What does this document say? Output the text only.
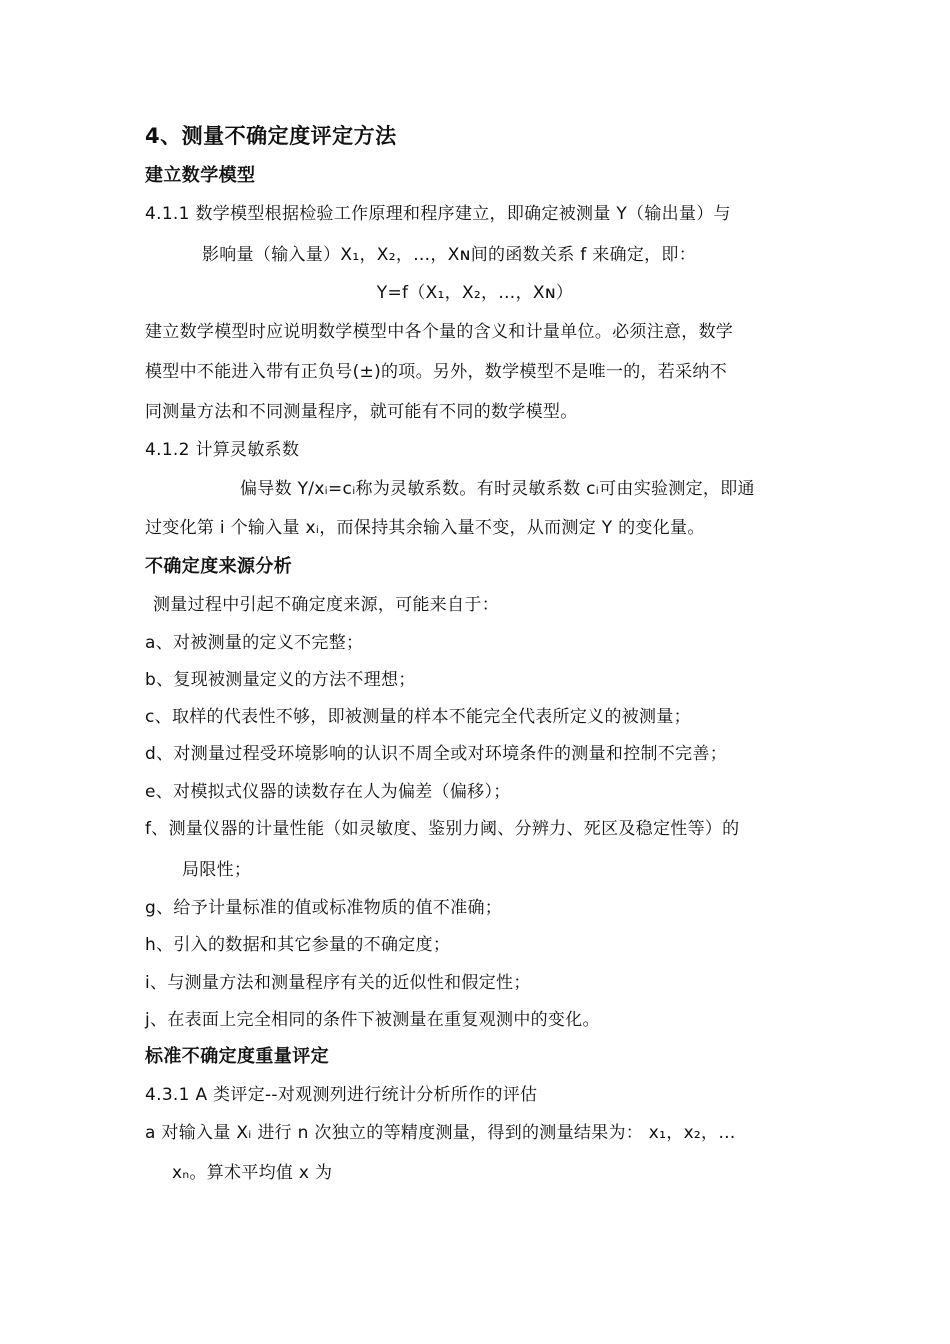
4、测量不确定度评定方法
建立数学模型
4.1.1 数学模型根据检验工作原理和程序建立，即确定被测量 Y（输出量）与
影响量（输入量）X₁，X₂，…，Xɴ间的函数关系 f 来确定，即：
Y=f（X₁，X₂，…，Xɴ）
建立数学模型时应说明数学模型中各个量的含义和计量单位。必须注意，数学
模型中不能进入带有正负号(±)的项。另外，数学模型不是唯一的，若采纳不
同测量方法和不同测量程序，就可能有不同的数学模型。
4.1.2 计算灵敏系数
偏导数 Y/xᵢ=cᵢ称为灵敏系数。有时灵敏系数 cᵢ可由实验测定，即通
过变化第 i 个输入量 xᵢ，而保持其余输入量不变，从而测定 Y 的变化量。
不确定度来源分析
测量过程中引起不确定度来源，可能来自于：
a、对被测量的定义不完整；
b、复现被测量定义的方法不理想；
c、取样的代表性不够，即被测量的样本不能完全代表所定义的被测量；
d、对测量过程受环境影响的认识不周全或对环境条件的测量和控制不完善；
e、对模拟式仪器的读数存在人为偏差（偏移）；
f、测量仪器的计量性能（如灵敏度、鉴别力阈、分辨力、死区及稳定性等）的
局限性；
g、给予计量标准的值或标准物质的值不准确；
h、引入的数据和其它参量的不确定度；
i、与测量方法和测量程序有关的近似性和假定性；
j、在表面上完全相同的条件下被测量在重复观测中的变化。
标准不确定度重量评定
4.3.1 A 类评定--对观测列进行统计分析所作的评估
a 对输入量 Xᵢ 进行 n 次独立的等精度测量，得到的测量结果为： x₁，x₂，…
xₙ。算术平均值 x 为
